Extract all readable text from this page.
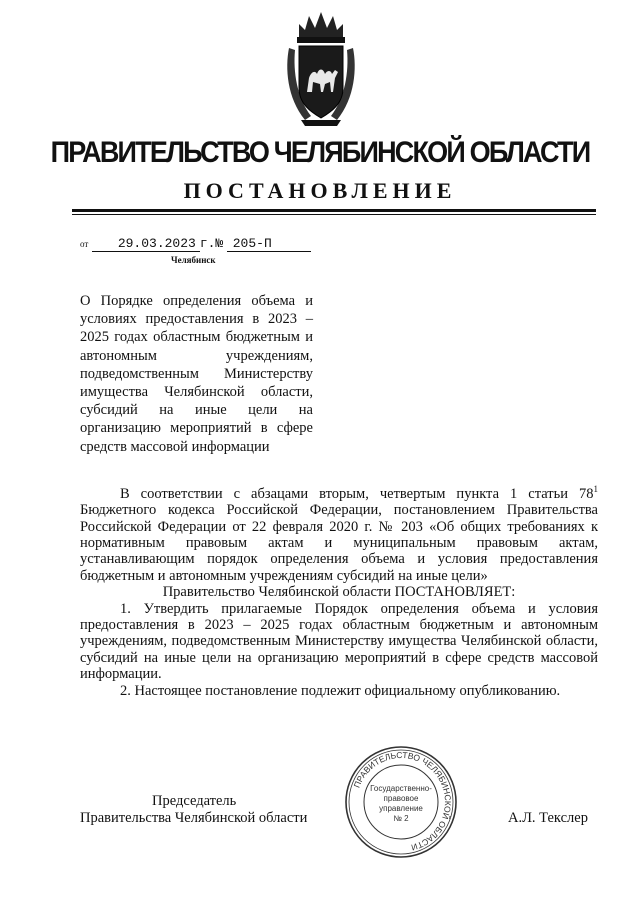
ПРАВИТЕЛЬСТВО ЧЕЛЯБИНСКОЙ ОБЛАСТИ
ПОСТАНОВЛЕНИЕ
от 29.03.2023 г.№ 205-П
Челябинск
О Порядке определения объема и условиях предоставления в 2023 – 2025 годах областным бюджетным и автономным учреждениям, подведомственным Министерству имущества Челябинской области, субсидий на иные цели на организацию мероприятий в сфере средств массовой информации

В соответствии с абзацами вторым, четвертым пункта 1 статьи $78^1$ Бюджетного кодекса Российской Федерации, постановлением Правительства Российской Федерации от 22 февраля 2020 г. № 203 «Об общих требованиях к нормативным правовым актам и муниципальным правовым актам, устанавливающим порядок определения объема и условия предоставления бюджетным и автономным учреждениям субсидий на иные цели»

Правительство Челябинской области ПОСТАНОВЛЯЕТ:

1. Утвердить прилагаемые Порядок определения объема и условия предоставления в 2023 – 2025 годах областным бюджетным и автономным учреждениям, подведомственным Министерству имущества Челябинской области, субсидий на иные цели на организацию мероприятий в сфере средств массовой информации.

2. Настоящее постановление подлежит официальному опубликованию.

ПРАВИТЕЛЬСТВО ЧЕЛЯБИНСКОЙ ОБЛАСТИ
Государственно-
правовое
управление
№ 2
Председатель
Правительства Челябинской области	А.Л. Текслер
